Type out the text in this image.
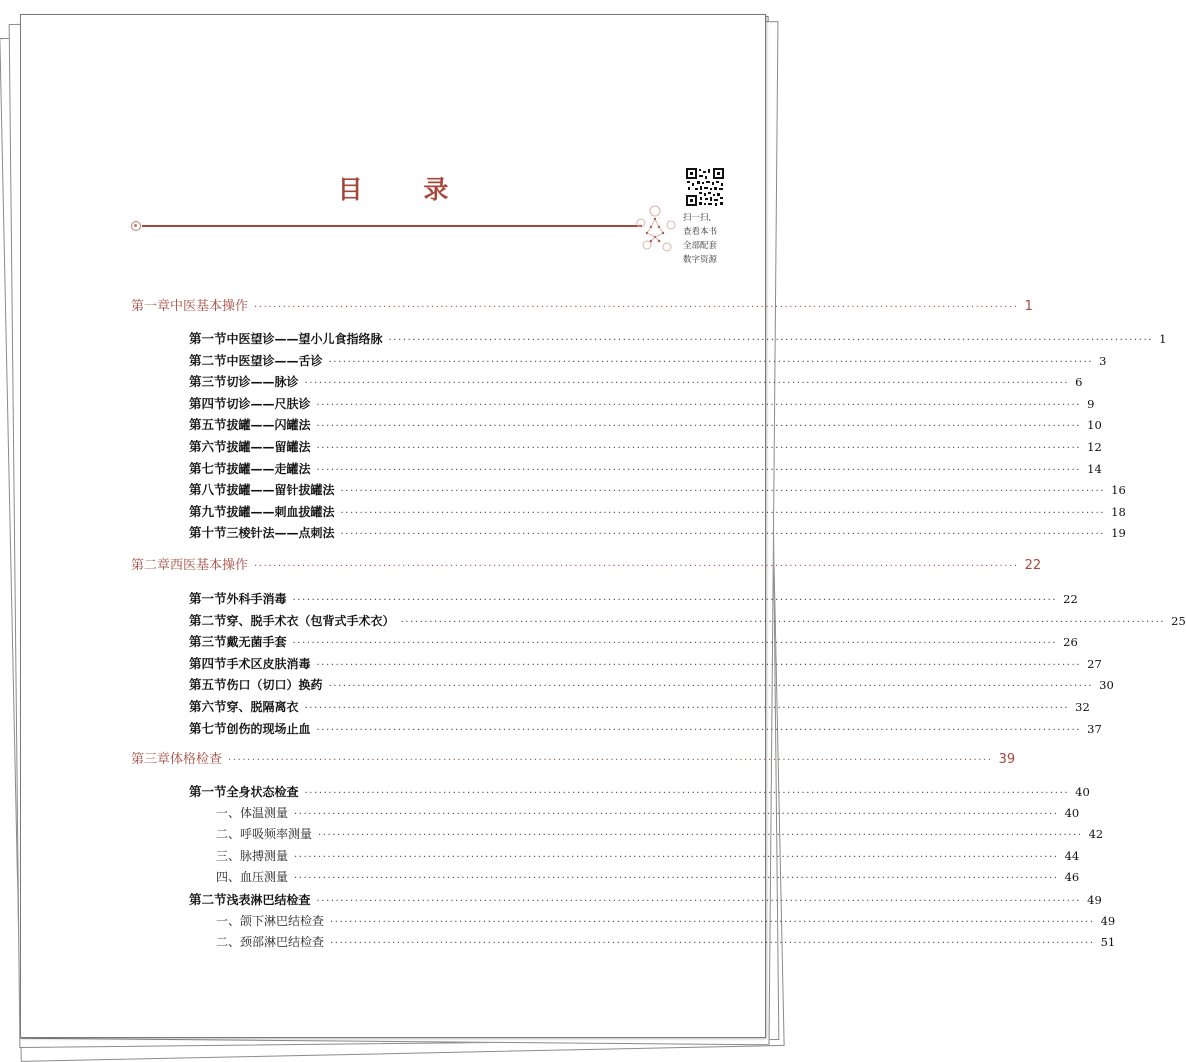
目 录
扫一扫,
查看本书
全部配套
数字资源
第一章 中医基本操作 ································································································································································ 1
第一节 中医望诊——望小儿食指络脉 ································································································································································ 1
第二节 中医望诊——舌诊 ································································································································································ 3
第三节 切诊——脉诊 ································································································································································ 6
第四节 切诊——尺肤诊 ································································································································································ 9
第五节 拔罐——闪罐法 ································································································································································ 10
第六节 拔罐——留罐法 ································································································································································ 12
第七节 拔罐——走罐法 ································································································································································ 14
第八节 拔罐——留针拔罐法 ································································································································································ 16
第九节 拔罐——刺血拔罐法 ································································································································································ 18
第十节 三棱针法——点刺法 ································································································································································ 19
第二章 西医基本操作 ································································································································································ 22
第一节 外科手消毒 ································································································································································ 22
第二节 穿、脱手术衣（包背式手术衣） ································································································································································ 25
第三节 戴无菌手套 ································································································································································ 26
第四节 手术区皮肤消毒 ································································································································································ 27
第五节 伤口（切口）换药 ································································································································································ 30
第六节 穿、脱隔离衣 ································································································································································ 32
第七节 创伤的现场止血 ································································································································································ 37
第三章 体格检查 ································································································································································ 39
第一节 全身状态检查 ································································································································································ 40
一、体温测量 ································································································································································ 40
二、呼吸频率测量 ································································································································································ 42
三、脉搏测量 ································································································································································ 44
四、血压测量 ································································································································································ 46
第二节 浅表淋巴结检查 ································································································································································ 49
一、颌下淋巴结检查 ································································································································································ 49
二、颈部淋巴结检查 ································································································································································ 51
